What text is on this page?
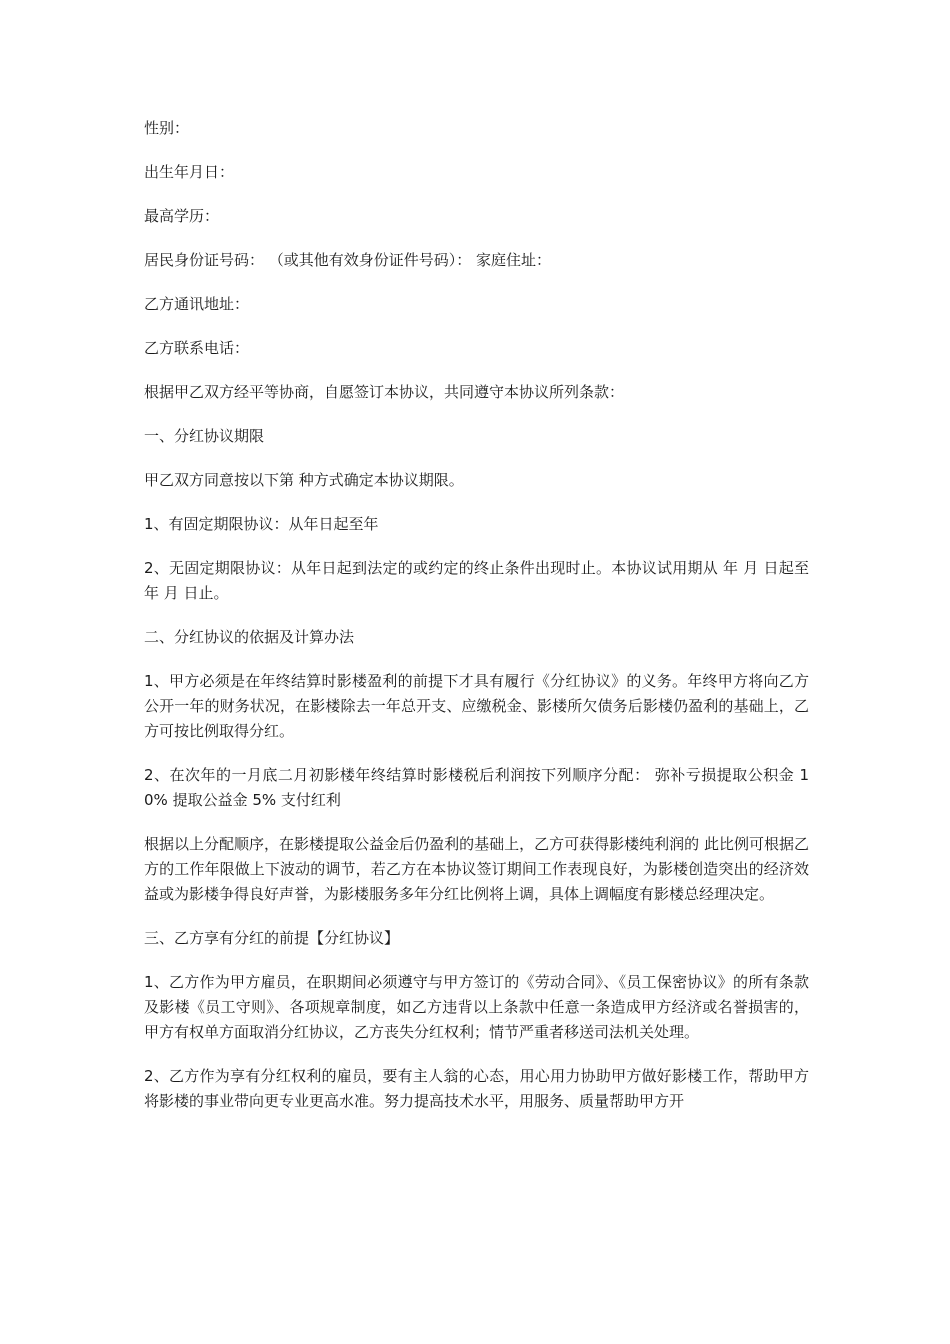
性别：

出生年月日：

最高学历：

居民身份证号码： （或其他有效身份证件号码）： 家庭住址：

乙方通讯地址：

乙方联系电话：

根据甲乙双方经平等协商，自愿签订本协议，共同遵守本协议所列条款：

一、分红协议期限

甲乙双方同意按以下第 种方式确定本协议期限。

1、有固定期限协议：从年日起至年

2、无固定期限协议：从年日起到法定的或约定的终止条件出现时止。本协议试用期从 年 月 日起至 年 月 日止。

二、分红协议的依据及计算办法

1、甲方必须是在年终结算时影楼盈利的前提下才具有履行《分红协议》的义务。年终甲方将向乙方公开一年的财务状况，在影楼除去一年总开支、应缴税金、影楼所欠债务后影楼仍盈利的基础上，乙方可按比例取得分红。

2、在次年的一月底二月初影楼年终结算时影楼税后利润按下列顺序分配： 弥补亏损提取公积金 10% 提取公益金 5% 支付红利

根据以上分配顺序，在影楼提取公益金后仍盈利的基础上，乙方可获得影楼纯利润的 此比例可根据乙方的工作年限做上下波动的调节，若乙方在本协议签订期间工作表现良好，为影楼创造突出的经济效益或为影楼争得良好声誉，为影楼服务多年分红比例将上调，具体上调幅度有影楼总经理决定。

三、乙方享有分红的前提【分红协议】

1、乙方作为甲方雇员，在职期间必须遵守与甲方签订的《劳动合同》、《员工保密协议》的所有条款及影楼《员工守则》、各项规章制度，如乙方违背以上条款中任意一条造成甲方经济或名誉损害的，甲方有权单方面取消分红协议，乙方丧失分红权利；情节严重者移送司法机关处理。

2、乙方作为享有分红权利的雇员，要有主人翁的心态，用心用力协助甲方做好影楼工作，帮助甲方将影楼的事业带向更专业更高水准。努力提高技术水平，用服务、质量帮助甲方开
